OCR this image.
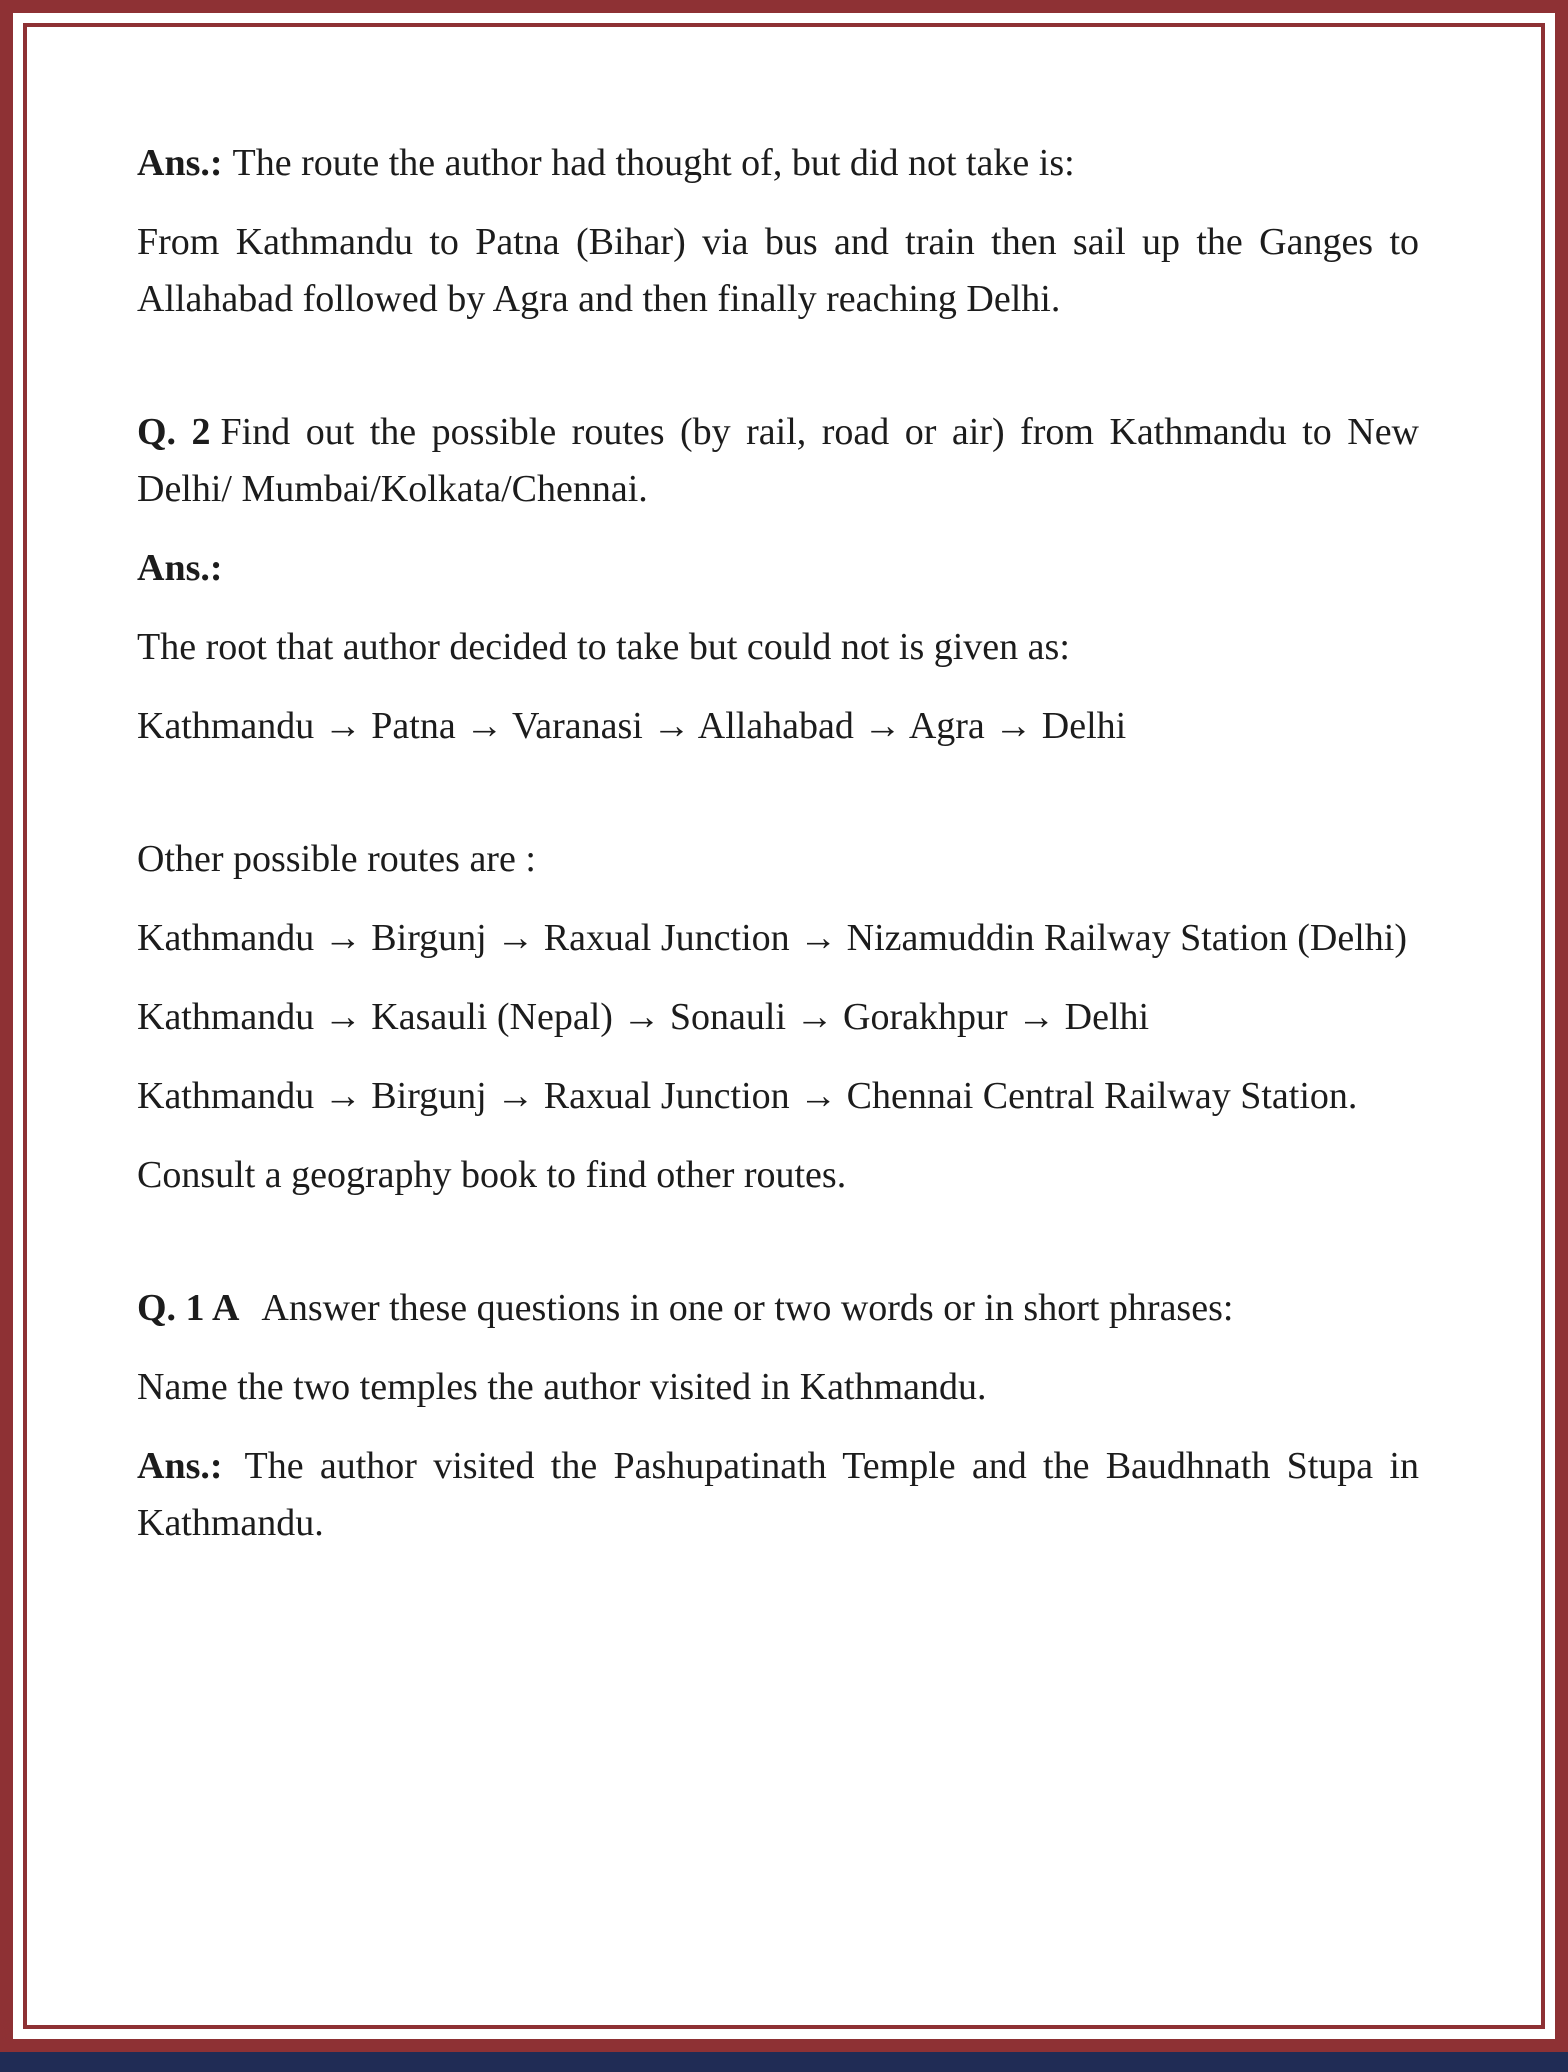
Ans.: The route the author had thought of, but did not take is:

From Kathmandu to Patna (Bihar) via bus and train then sail up the Ganges to Allahabad followed by Agra and then finally reaching Delhi.

Q. 2 Find out the possible routes (by rail, road or air) from Kathmandu to New Delhi/ Mumbai/Kolkata/Chennai.

Ans.:

The root that author decided to take but could not is given as:

Kathmandu → Patna → Varanasi → Allahabad → Agra → Delhi

Other possible routes are :

Kathmandu → Birgunj → Raxual Junction → Nizamuddin Railway Station (Delhi)

Kathmandu → Kasauli (Nepal) → Sonauli → Gorakhpur → Delhi

Kathmandu → Birgunj → Raxual Junction → Chennai Central Railway Station.

Consult a geography book to find other routes.

Q. 1 A Answer these questions in one or two words or in short phrases:

Name the two temples the author visited in Kathmandu.

Ans.: The author visited the Pashupatinath Temple and the Baudhnath Stupa in Kathmandu.
